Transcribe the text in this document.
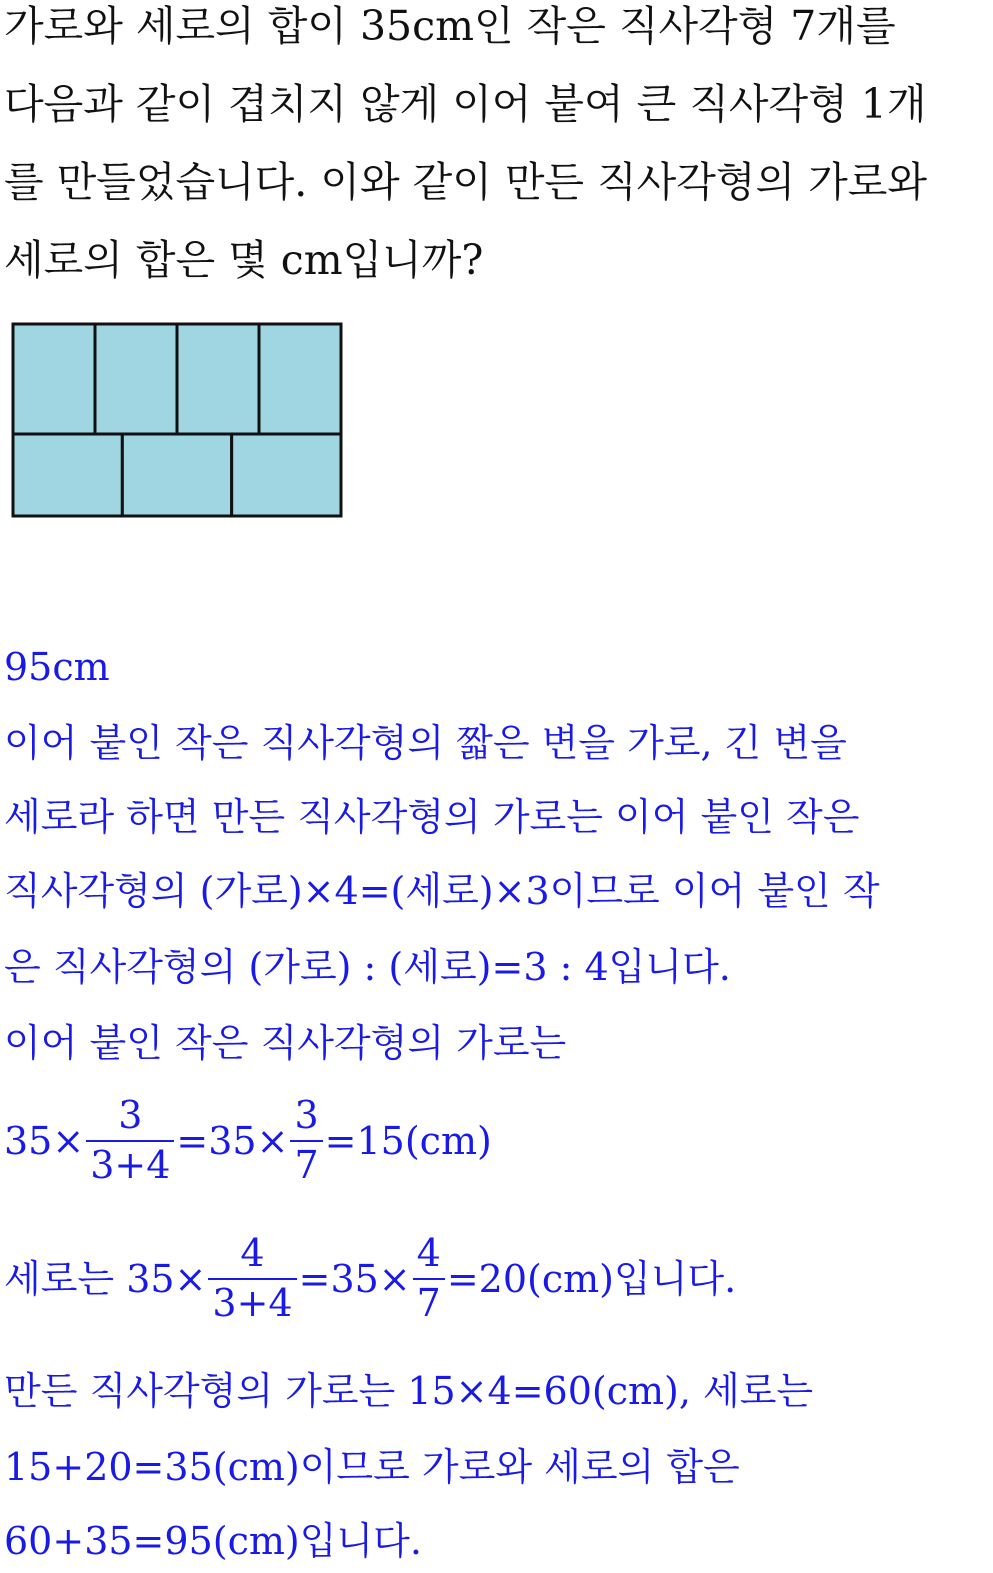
가로와 세로의 합이 35cm인 작은 직사각형 7개를
다음과 같이 겹치지 않게 이어 붙여 큰 직사각형 1개
를 만들었습니다. 이와 같이 만든 직사각형의 가로와
세로의 합은 몇 cm입니까?
95cm
이어 붙인 작은 직사각형의 짧은 변을 가로, 긴 변을
세로라 하면 만든 직사각형의 가로는 이어 붙인 작은
직사각형의 (가로)×4=(세로)×3이므로 이어 붙인 작
은 직사각형의 (가로) : (세로)=3 : 4입니다.
이어 붙인 작은 직사각형의 가로는
$35\times \frac{3}{3+4} =35\times \frac{3}{7} =15(cm)$
세로는 $35\times \frac{4}{3+4} =35\times \frac{4}{7} =20(cm)$입니다.
만든 직사각형의 가로는 15×4=60(cm), 세로는
15+20=35(cm)이므로 가로와 세로의 합은
60+35=95(cm)입니다.
